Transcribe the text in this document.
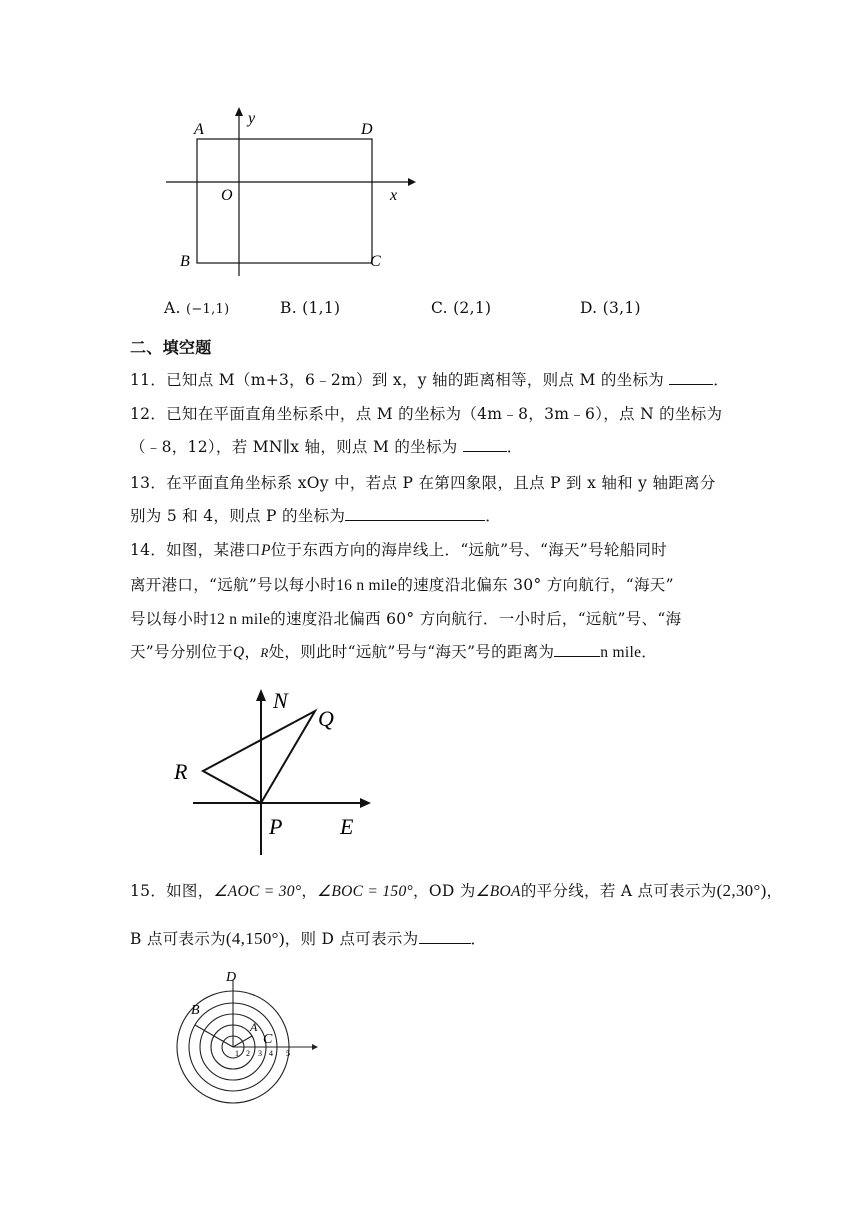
A
y
D
O	x
B	C
A. (−1,1)	B. (1,1)	C. (2,1)	D. (3,1)
二、填空题
11．已知点 M（m+3，6﹣2m）到 x，y 轴的距离相等，则点 M 的坐标为	．
12．已知在平面直角坐标系中，点 M 的坐标为（4m﹣8，3m﹣6），点 N 的坐标为
（﹣8，12），若 MN∥x 轴，则点 M 的坐标为	．
13．在平面直角坐标系 xOy 中，若点 P 在第四象限，且点 P 到 x 轴和 y 轴距离分
别为 5 和 4，则点 P 的坐标为	．
14．如图，某港口P位于东西方向的海岸线上．“远航”号、“海天”号轮船同时
离开港口，“远航”号以每小时16 n mile的速度沿北偏东 30° 方向航行，“海天”
号以每小时12 n mile的速度沿北偏西 60° 方向航行．一小时后，“远航”号、“海
天”号分别位于Q，R处，则此时“远航”号与“海天”号的距离为	n mile．
N
Q
R
P	E
15．如图，∠AOC = 30°，∠BOC = 150°，OD 为∠BOA的平分线，若 A 点可表示为(2,30°)，
B 点可表示为(4,150°)，则 D 点可表示为	．
D
B
A
C
1 2 3 4 5
